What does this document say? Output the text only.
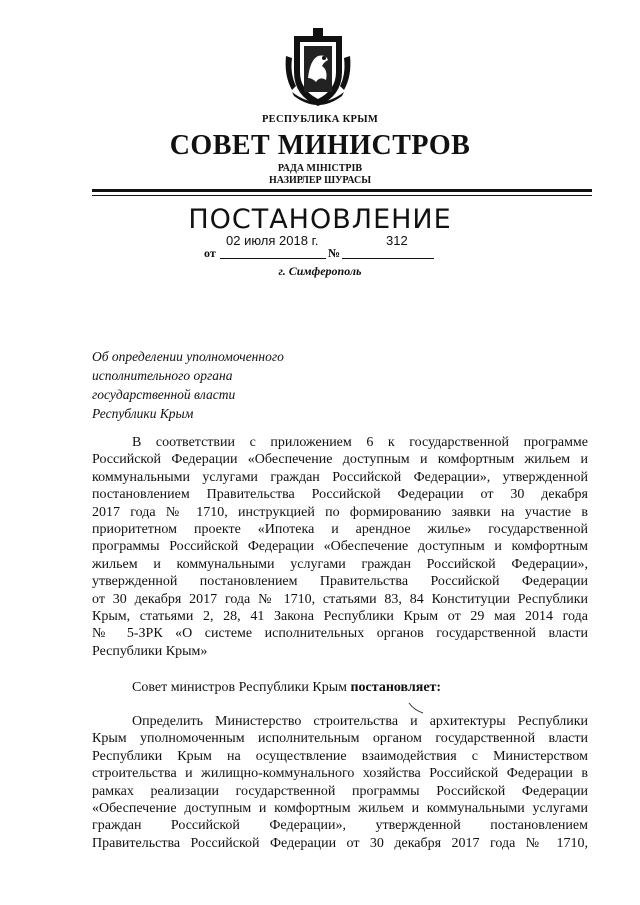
РЕСПУБЛИКА КРЫМ
СОВЕТ МИНИСТРОВ
РАДА МІНІСТРІВ
НАЗИРЛЕР ШУРАСЫ
ПОСТАНОВЛЕНИЕ
02 июля 2018 г.	312
от	№
г. Симферополь
Об определении уполномоченного
исполнительного органа
государственной власти
Республики Крым
В соответствии с приложением 6 к государственной программе
Российской Федерации «Обеспечение доступным и комфортным жильем и
коммунальными услугами граждан Российской Федерации», утвержденной
постановлением Правительства Российской Федерации от 30 декабря
2017 года № 1710, инструкцией по формированию заявки на участие в
приоритетном проекте «Ипотека и арендное жилье» государственной
программы Российской Федерации «Обеспечение доступным и комфортным
жильем и коммунальными услугами граждан Российской Федерации»,
утвержденной постановлением Правительства Российской Федерации
от 30 декабря 2017 года № 1710, статьями 83, 84 Конституции Республики
Крым, статьями 2, 28, 41 Закона Республики Крым от 29 мая 2014 года
№ 5-ЗРК «О системе исполнительных органов государственной власти
Республики Крым»
Совет министров Республики Крым постановляет:
Определить Министерство строительства и архитектуры Республики
Крым уполномоченным исполнительным органом государственной власти
Республики Крым на осуществление взаимодействия с Министерством
строительства и жилищно-коммунального хозяйства Российской Федерации в
рамках реализации государственной программы Российской Федерации
«Обеспечение доступным и комфортным жильем и коммунальными услугами
граждан Российской Федерации», утвержденной постановлением
Правительства Российской Федерации от 30 декабря 2017 года № 1710,
